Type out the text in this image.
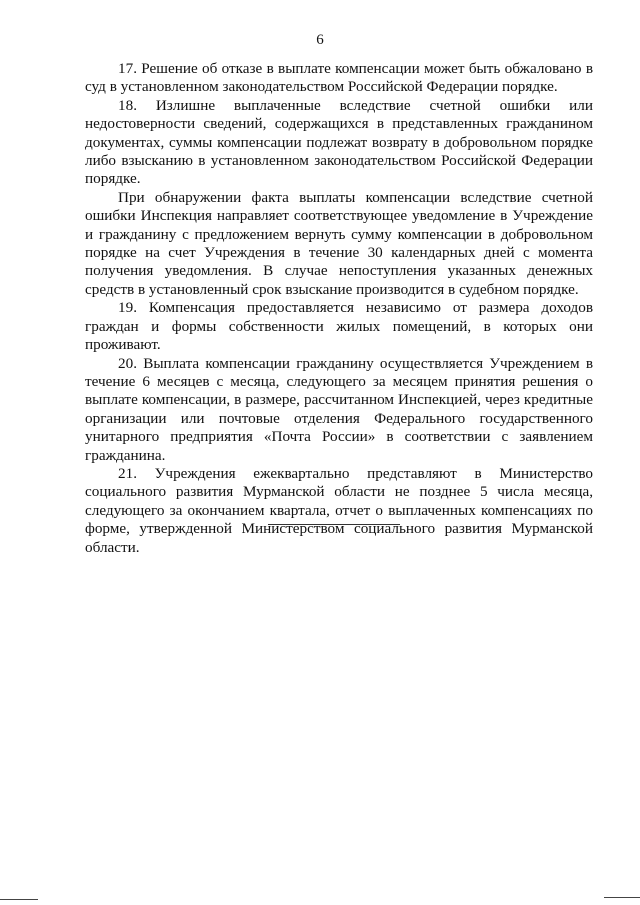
6

17. Решение об отказе в выплате компенсации может быть обжаловано в суд в установленном законодательством Российской Федерации порядке.

18. Излишне выплаченные вследствие счетной ошибки или недостоверности сведений, содержащихся в представленных гражданином документах, суммы компенсации подлежат возврату в добровольном порядке либо взысканию в установленном законодательством Российской Федерации порядке.

При обнаружении факта выплаты компенсации вследствие счетной ошибки Инспекция направляет соответствующее уведомление в Учреждение и гражданину с предложением вернуть сумму компенсации в добровольном порядке на счет Учреждения в течение 30 календарных дней с момента получения уведомления. В случае непоступления указанных денежных средств в установленный срок взыскание производится в судебном порядке.

19. Компенсация предоставляется независимо от размера доходов граждан и формы собственности жилых помещений, в которых они проживают.

20. Выплата компенсации гражданину осуществляется Учреждением в течение 6 месяцев с месяца, следующего за месяцем принятия решения о выплате компенсации, в размере, рассчитанном Инспекцией, через кредитные организации или почтовые отделения Федерального государственного унитарного предприятия «Почта России» в соответствии с заявлением гражданина.

21. Учреждения ежеквартально представляют в Министерство социального развития Мурманской области не позднее 5 числа месяца, следующего за окончанием квартала, отчет о выплаченных компенсациях по форме, утвержденной Министерством социального развития Мурманской области.
